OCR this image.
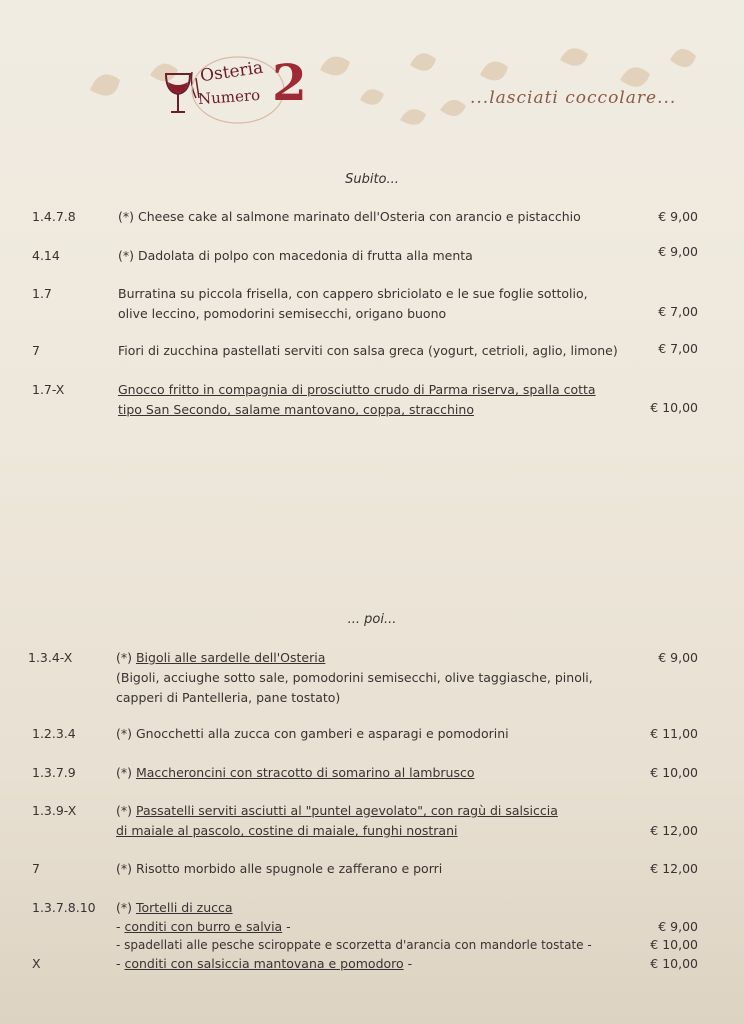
Osteria
Numero 2	...lasciati coccolare...
Subito...
1.4.7.8	(*) Cheese cake al salmone marinato dell'Osteria con arancio e pistacchio	€ 9,00
4.14	(*) Dadolata di polpo con macedonia di frutta alla menta	€ 9,00
1.7	Burratina su piccola frisella, con cappero sbriciolato e le sue foglie sottolio,
olive leccino, pomodorini semisecchi, origano buono	€ 7,00
7	Fiori di zucchina pastellati serviti con salsa greca (yogurt, cetrioli, aglio, limone)	€ 7,00
1.7-X	Gnocco fritto in compagnia di prosciutto crudo di Parma riserva, spalla cotta
tipo San Secondo, salame mantovano, coppa, stracchino	€ 10,00
... poi...
1.3.4-X	(*) Bigoli alle sardelle dell'Osteria
(Bigoli, acciughe sotto sale, pomodorini semisecchi, olive taggiasche, pinoli,
capperi di Pantelleria, pane tostato)
€ 9,00
1.2.3.4	(*) Gnocchetti alla zucca con gamberi e asparagi e pomodorini	€ 11,00
1.3.7.9	(*) Maccheroncini con stracotto di somarino al lambrusco	€ 10,00
1.3.9-X	(*) Passatelli serviti asciutti al "puntel agevolato", con ragù di salsiccia
di maiale al pascolo, costine di maiale, funghi nostrani	€ 12,00
7	(*) Risotto morbido alle spugnole e zafferano e porri	€ 12,00
1.3.7.8.10 (*) Tortelli di zucca
- conditi con burro e salvia -	€ 9,00
- spadellati alle pesche sciroppate e scorzetta d'arancia con mandorle tostate -	€ 10,00
X	- conditi con salsiccia mantovana e pomodoro -	€ 10,00
